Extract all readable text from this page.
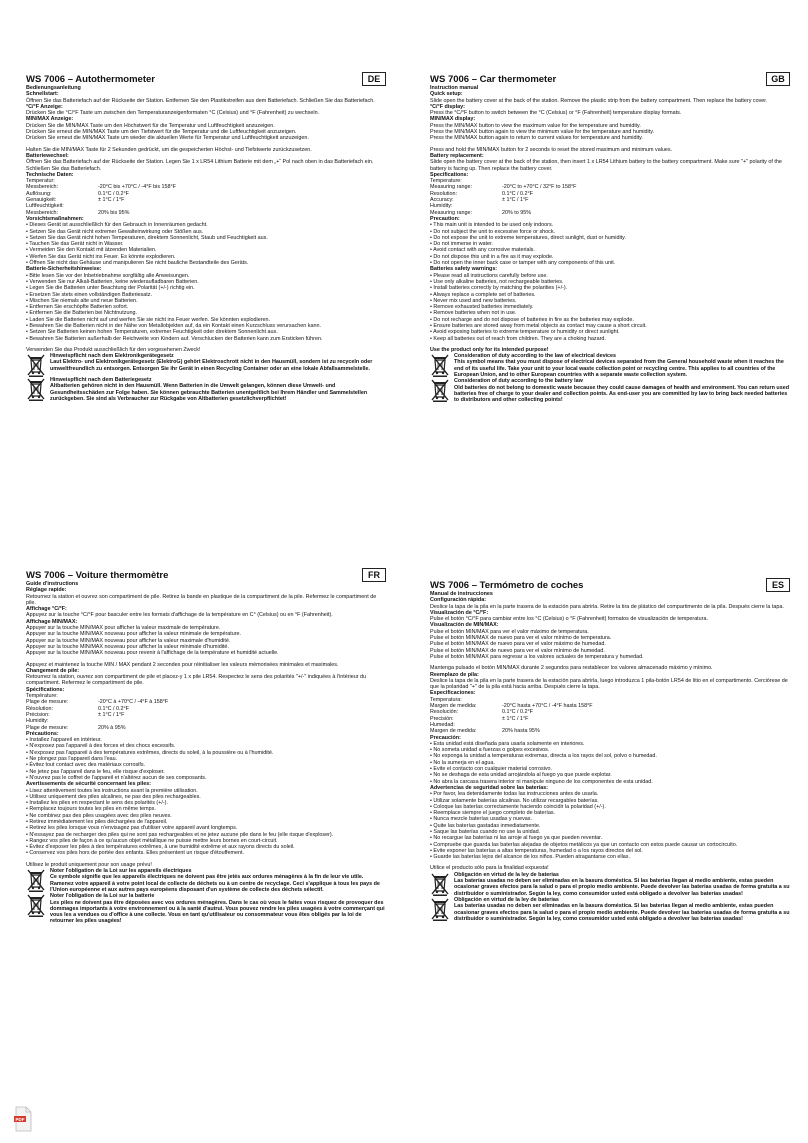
WS 7006 – Autothermometer	DE
Bedienungsanleitung
Schnellstart:

Öffnen Sie das Batteriefach auf der Rückseite der Station. Entfernen Sie den Plastikstreifen aus dem Batteriefach. Schließen Sie das Batteriefach.

°C/°F Anzeige:

Drücken Sie die °C/°F Taste um zwischen den Temperaturanzeigenformaten °C (Celsius) und °F (Fahrenheit) zu wechseln.

MIN/MAX Anzeige:

Drücken Sie die MIN/MAX Taste um den Höchstwert für die Temperatur und Luftfeuchtigkeit anzuzeigen.

Drücken Sie erneut die MIN/MAX Taste um den Tiefstwert für die Temperatur und die Luftfeuchtigkeit anzuzeigen.

Drücken Sie erneut die MIN/MAX Taste um wieder die aktuellen Werte für Temperatur und Luftfeuchtigkeit anzuzeigen.

Halten Sie die MIN/MAX Taste für 2 Sekunden gedrückt, um die gespeicherten Höchst- und Tiefstwerte zurückzusetzen.

Batteriewechsel:

Öffnen Sie das Batteriefach auf der Rückseite der Station. Legen Sie 1 x LR54 Lithium Batterie mit dem „+“ Pol nach oben in das Batteriefach ein. Schließen Sie das Batteriefach.

Technische Daten:
Temperatur:	
Messbereich:	-20°C bis +70°C / -4°F bis 158°F
Auflösung:	0.1°C / 0.2°F
Genauigkeit:	± 1°C / 1°F
Luftfeuchtigkeit:	
Messbereich:	20% bis 95%
Vorsichtsmaßnahmen:
• Dieses Gerät ist ausschließlich für den Gebrauch in Innenräumen gedacht.
• Setzen Sie das Gerät nicht extremer Gewalteinwirkung oder Stößen aus.
• Setzen Sie das Gerät nicht hohen Temperaturen, direktem Sonnenlicht, Staub und Feuchtigkeit aus.
• Tauchen Sie das Gerät nicht in Wasser.
• Vermeiden Sie den Kontakt mit ätzenden Materialien.
• Werfen Sie das Gerät nicht ins Feuer. Es könnte explodieren.
• Öffnen Sie nicht das Gehäuse und manipulieren Sie nicht bauliche Bestandteile des Geräts.
Batterie-Sicherheitshinweise:
• Bitte lesen Sie vor der Inbetriebnahme sorgfältig alle Anweisungen.
• Verwenden Sie nur Alkali-Batterien, keine wiederaufladbaren Batterien.
• Legen Sie die Batterien unter Beachtung der Polarität (+/-) richtig ein.
• Ersetzen Sie stets einen vollständigen Batteriesatz.
• Mischen Sie niemals alte und neue Batterien.
• Entfernen Sie erschöpfte Batterien sofort.
• Entfernen Sie die Batterien bei Nichtnutzung.
• Laden Sie die Batterien nicht auf und werfen Sie sie nicht ins Feuer werfen. Sie könnten explodieren.
• Bewahren Sie die Batterien nicht in der Nähe von Metallobjekten auf, da ein Kontakt einen Kurzschluss verursachen kann.
• Setzen Sie Batterien keinen hohen Temperaturen, extremer Feuchtigkeit oder direktem Sonnenlicht aus.
• Bewahren Sie Batterien außerhalb der Reichweite von Kindern auf. Verschlucken der Batterien kann zum Ersticken führen.

Verwenden Sie das Produkt ausschließlich für den vorgesehenen Zweck!

Hinweispflicht nach dem Elektronikgerätegesetz
Laut Elektro- und Elektronikgerätegesetz (ElektroG) gehört Elektroschrott nicht in den Hausmüll, sondern ist zu recyceln oder umweltfreundlich zu entsorgen. Entsorgen Sie ihr Gerät in einen Recycling Container oder an eine lokale Abfallsammelstelle.
Hinweispflicht nach dem Batteriegesetz
Altbatterien gehören nicht in den Hausmüll. Wenn Batterien in die Umwelt gelangen, können diese Umwelt- und Gesundheitsschäden zur Folge haben. Sie können gebrauchte Batterien unentgeltlich bei Ihrem Händler und Sammelstellen zurückgeben. Sie sind als Verbraucher zur Rückgabe von Altbatterien gesetzlichverpflichtet!
WS 7006 – Car thermometer	GB
Instruction manual
Quick setup:

Slide open the battery cover at the back of the station. Remove the plastic strip from the battery compartment. Then replace the battery cover.

°C/°F display:

Press the °C/°F button to switch between the °C (Celsius) or °F (Fahrenheit) temperature display formats.

MIN/MAX display:

Press the MIN/MAX button to view the maximum value for the temperature and humidity.

Press the MIN/MAX button again to view the minimum value for the temperature and humidity.

Press the MIN/MAX button again to return to current values for temperature and humidity.

Press and hold the MIN/MAX button for 2 seconds to reset the stored maximum and minimum values.

Battery replacement:

Slide open the battery cover at the back of the station, then insert 1 x LR54 Lithium battery to the battery compartment. Make sure "+" polarity of the battery is facing up. Then replace the battery cover.

Specifications:
Temperature:	
Measuring range:	-20°C to +70°C / 32°F to 158°F
Resolution:	0.1°C / 0.2°F
Accuracy:	± 1°C / 1°F
Humidity:	
Measuring range:	20% to 95%
Precaution:
• This main unit is intended to be used only indoors.
• Do not subject the unit to excessive force or shock.
• Do not expose the unit to extreme temperatures, direct sunlight, dust or humidity.
• Do not immerse in water.
• Avoid contact with any corrosive materials.
• Do not dispose this unit in a fire as it may explode.
• Do not open the inner back case or tamper with any components of this unit.
Batteries safety warnings:
• Please read all instructions carefully before use.
• Use only alkaline batteries, not rechargeable batteries.
• Install batteries correctly by matching the polarities (+/-).
• Always replace a complete set of batteries.
• Never mix used and new batteries.
• Remove exhausted batteries immediately.
• Remove batteries when not in use.
• Do not recharge and do not dispose of batteries in fire as the batteries may explode.
• Ensure batteries are stored away from metal objects as contact may cause a short circuit.
• Avoid exposing batteries to extreme temperature or humidity or direct sunlight.
• Keep all batteries out of reach from children. They are a choking hazard.

Use the product only for its intended purpose!

Consideration of duty according to the law of electrical devices
This symbol means that you must dispose of electrical devices separated from the General household waste when it reaches the end of its useful life. Take your unit to your local waste collection point or recycling centre. This applies to all countries of the European Union, and to other European countries with a separate waste collection system.
Consideration of duty according to the battery law
Old batteries do not belong to domestic waste because they could cause damages of health and environment. You can return used batteries free of charge to your dealer and collection points. As end-user you are committed by law to bring back needed batteries to distributors and other collecting points!
WS 7006 – Voiture thermomètre	FR
Guide d'instructions
Réglage rapide:

Retournez la station et ouvrez son compartiment de pile. Retirez la bande en plastique de la compartiment de la pile. Refermez le compartiment de pile.

Affichage °C/°F:

Appuyez sur la touche °C/°F pour basculer entre les formats d'affichage de la température en C° (Celsius) ou en °F (Fahrenheit).

Affichage MIN/MAX:

Appuyer sur la touche MIN/MAX pour afficher la valeur maximale de température.

Appuyer sur la touche MIN/MAX nouveau pour afficher la valeur minimale de température.

Appuyer sur la touche MIN/MAX nouveau pour afficher la valeur maximale d'humidité.

Appuyer sur la touche MIN/MAX nouveau pour afficher la valeur minimale d'humidité.

Appuyer sur la touche MIN/MAX nouveau pour revenir à l'affichage de la température et humidité actuelle.

Appuyez et maintenez la touche MIN / MAX pendant 2 secondes pour réinitialiser les valeurs mémorisées minimales et maximales.

Changement de pile:

Retournez la station, ouvrez son compartiment de pile et placez-y 1 x pile LR54. Respectez le sens des polarités "+/-" indiquées à l'intérieur du compartiment. Refermez le compartiment de pile.

Spécifications:
Température:	
Plage de mesure:	-20°C à +70°C / -4°F à 158°F
Résolution:	0.1°C / 0.2°F
Précision:	± 1°C / 1°F
Humidity:	
Plage de mesure:	20% à 95%
Précautions:
• Installez l'appareil en intérieur.
• N'exposez pas l'appareil à des forces et des chocs excessifs.
• N'exposez pas l'appareil à des températures extrêmes, directs du soleil, à la poussière ou à l'humidité.
• Ne plongez pas l'appareil dans l'eau.
• Évitez tout contact avec des matériaux corrosifs.
• Ne jetez pas l'appareil dans le feu, elle risque d'exploser.
• N'ouvrez pas le coffret de l'appareil et n'altérez aucun de ses composants.
Avertissements de sécurité concernant les piles:
• Lisez attentivement toutes les instructions avant la première utilisation.
• Utilisez uniquement des piles alcalines, ne pas des piles rechargeables.
• Installez les piles en respectant le sens des polarités (+/-).
• Remplacez toujours toutes les piles en même temps.
• Ne combinez pas des piles usagées avec des piles neuves.
• Retirez immédiatement les piles déchargées de l'appareil.
• Retirez les piles lorsque vous n'envisagez pas d'utiliser votre appareil avant longtemps.
• N'essayez pas de recharger des piles qui ne sont pas rechargeables et ne jetez aucune pile dans le feu (elle risque d'exploser).
• Rangez vos piles de façon à ce qu'aucun objet métallique ne puisse mettre leurs bornes en court-circuit.
• Évitez d'exposer les piles à des températures extrêmes, à une humidité extrême et aux rayons directs du soleil.
• Conservez vos piles hors de portée des enfants. Elles présentent un risque d'étouffement.

Utilisez le produit uniquement pour son usage prévu!

Noter l'obligation de la Loi sur les appareils électriques
Ce symbole signifie que les appareils électriques ne doivent pas être jetés aux ordures ménagères à la fin de leur vie utile. Ramenez votre appareil à votre point local de collecte de déchets ou à un centre de recyclage. Ceci s'applique à tous les pays de l'Union européenne et aux autres pays européens disposant d'un système de collecte des déchets sélectif.
Noter l'obligation de la Loi sur la batterie
Les piles ne doivent pas être déposées avec vos ordures ménagères. Dans le cas où vous le faites vous risquez de provoquer des dommages importants à votre environnement ou à la santé d'autrui. Vous pouvez rendre les piles usagées à votre commerçant qui vous les a vendues ou d'office à une collecte. Vous en tant qu'utilisateur ou consommateur vous êtes obligés par la loi de retourner les piles usagées!
WS 7006 – Termómetro de coches	ES
Manual de instrucciones
Configuración rápida:

Deslice la tapa de la pila en la parte trasera de la estación para abrirla. Retire la tira de plástico del compartimento de la pila. Después cierre la tapa.

Visualización de °C/°F:

Pulse el botón °C/°F para cambiar entre los °C (Celsius) o °F (Fahrenheit) formatos de visualización de temperatura.

Visualización de MIN/MAX:

Pulse el botón MIN/MAX para ver el valor máximo de temperatura.

Pulse el botón MIN/MAX de nuevo para ver el valor mínimo de temperatura.

Pulse el botón MIN/MAX de nuevo para ver el valor máximo de humedad.

Pulse el botón MIN/MAX de nuevo para ver el valor mínimo de humedad.

Pulse el botón MIN/MAX para regresar a los valores actuales de temperatura y humedad.

Mantenga pulsado el botón MIN/MAX durante 2 segundos para restablecer los valores almacenado máximo y mínimo.

Reemplazo de pila:

Deslice la tapa de la pila en la parte trasera de la estación para abrirla, luego introduzca 1 pila-botón LR54 de litio en el compartimento. Cerciórese de que la polaridad "+" de la pila está hacia arriba. Después cierre la tapa.

Especificaciones:
Temperatura:	
Margen de medida:	-20°C hasta +70°C / -4°F hasta 158°F
Resolución:	0.1°C / 0.2°F
Precisión:	± 1°C / 1°F
Humedad:	
Margen de medida:	20% hasta 95%
Precaución:
• Esta unidad está diseñada para usarla solamente en interiores.
• No someta unidad a fuerzas o golpes excesivos.
• No exponga la unidad a temperaturas extremas, directa a los rayos del sol, polvo o humedad.
• No la sumerja en el agua.
• Evite el contacto con cualquier material corrosivo.
• No se deshaga de esta unidad arrojándola al fuego ya que puede explotar.
• No abra la carcasa trasera interior ni manipule ninguno de los componentes de esta unidad.
Advertencias de seguridad sobre las baterías:
• Por favor, lea detenidamente todas las instrucciones antes de usarla.
• Utilizar solamente baterías alcalinas. No utilizar recargables baterías.
• Coloque las baterías correctamente haciendo coincidir la polaridad (+/-).
• Reemplace siempre el juego completo de baterías.
• Nunca mezcle baterías usadas y nuevas.
• Quite las baterías gastadas inmediatamente.
• Saque las baterías cuando no use la unidad.
• No recargue las baterías ni las arroje al fuego ya que pueden reventar.
• Compruebe que guarda las baterías alejadas de objetos metálicos ya que un contacto con estos puede causar un cortocircuito.
• Evite exponer las baterías a altas temperaturas, humedad o a los rayos directos del sol.
• Guarde las baterías lejos del alcance de los niños. Pueden atragantarse con ellas.

Utilice el producto sólo para la finalidad expuesta!

Obligación en virtud de la ley de baterias
Las baterías usadas no deben ser eliminadas en la basura doméstica. Si las baterias llegan al medio ambiente, estas pueden ocasionar graves efectos para la salud o para el propio medio ambiente. Puede devolver las baterias usadas de forma gratuita a su distribuidor o suministrador. Según la ley, como consumidor usted está obligado a devolver las baterías usadas!
Obligación en virtud de la ley de baterias
Las baterías usadas no deben ser eliminadas en la basura doméstica. Si las baterias llegan al medio ambiente, estas pueden ocasionar graves efectos para la salud o para el propio medio ambiente. Puede devolver las baterias usadas de forma gratuita a su distribuidor o suministrador. Según la ley, como consumidor usted está obligado a devolver las baterías usadas!
PDF
